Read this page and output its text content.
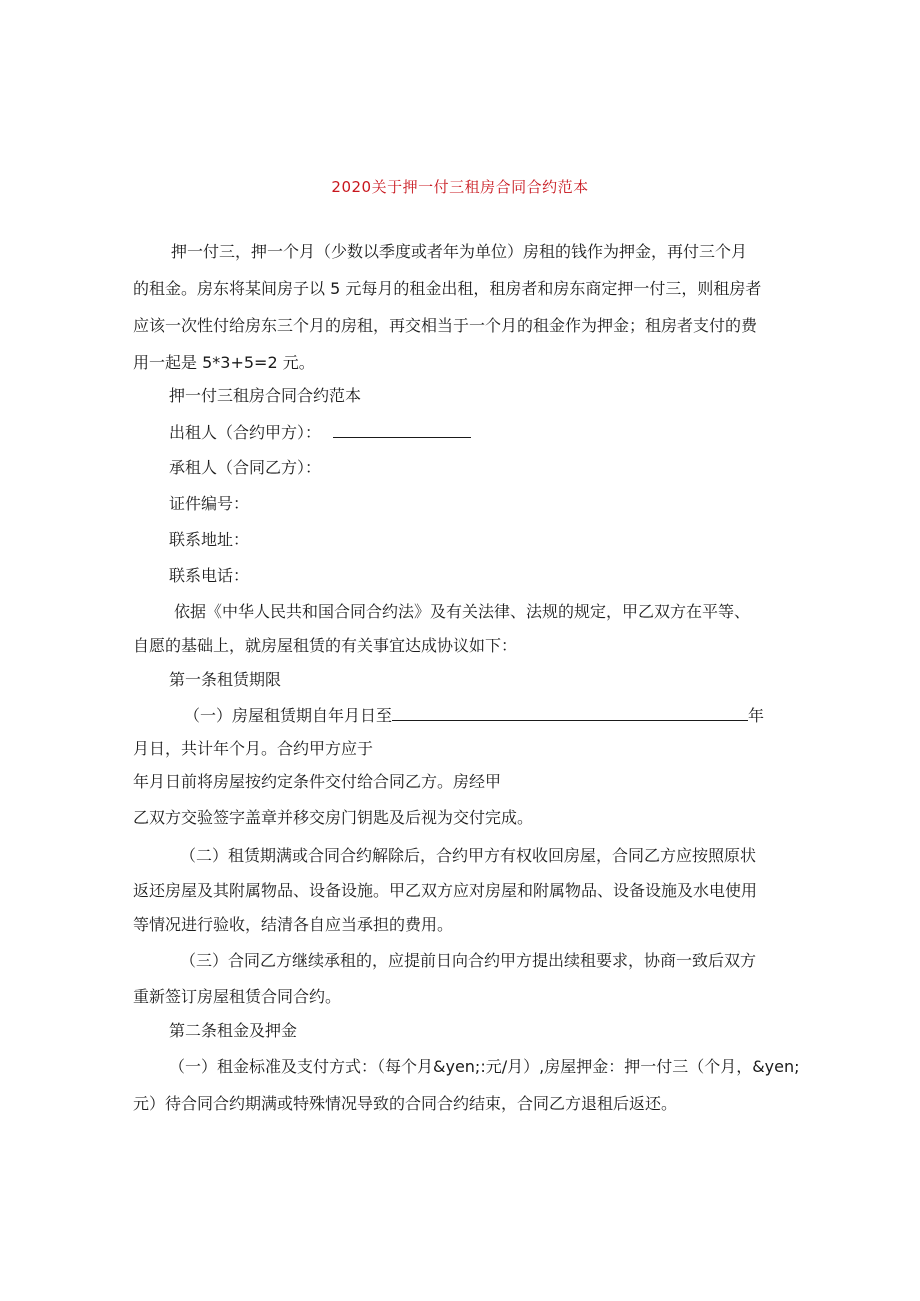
2020关于押一付三租房合同合约范本
押一付三，押一个月（少数以季度或者年为单位）房租的钱作为押金，再付三个月
的租金。房东将某间房子以 5 元每月的租金出租，租房者和房东商定押一付三，则租房者
应该一次性付给房东三个月的房租，再交相当于一个月的租金作为押金；租房者支付的费
用一起是 5*3+5=2 元。
押一付三租房合同合约范本
出租人（合约甲方）：
承租人（合同乙方）：
证件编号：
联系地址：
联系电话：
依据《中华人民共和国合同合约法》及有关法律、法规的规定，甲乙双方在平等、
自愿的基础上，就房屋租赁的有关事宜达成协议如下：
第一条租赁期限
（一）房屋租赁期自年月日至	年
月日，共计年个月。合约甲方应于
年月日前将房屋按约定条件交付给合同乙方。房经甲
乙双方交验签字盖章并移交房门钥匙及后视为交付完成。
（二）租赁期满或合同合约解除后，合约甲方有权收回房屋，合同乙方应按照原状
返还房屋及其附属物品、设备设施。甲乙双方应对房屋和附属物品、设备设施及水电使用
等情况进行验收，结清各自应当承担的费用。
（三）合同乙方继续承租的，应提前日向合约甲方提出续租要求，协商一致后双方
重新签订房屋租赁合同合约。
第二条租金及押金
（一）租金标准及支付方式：（每个月&yen;:元/月）,房屋押金：押一付三（个月，&yen;
元）待合同合约期满或特殊情况导致的合同合约结束，合同乙方退租后返还。
